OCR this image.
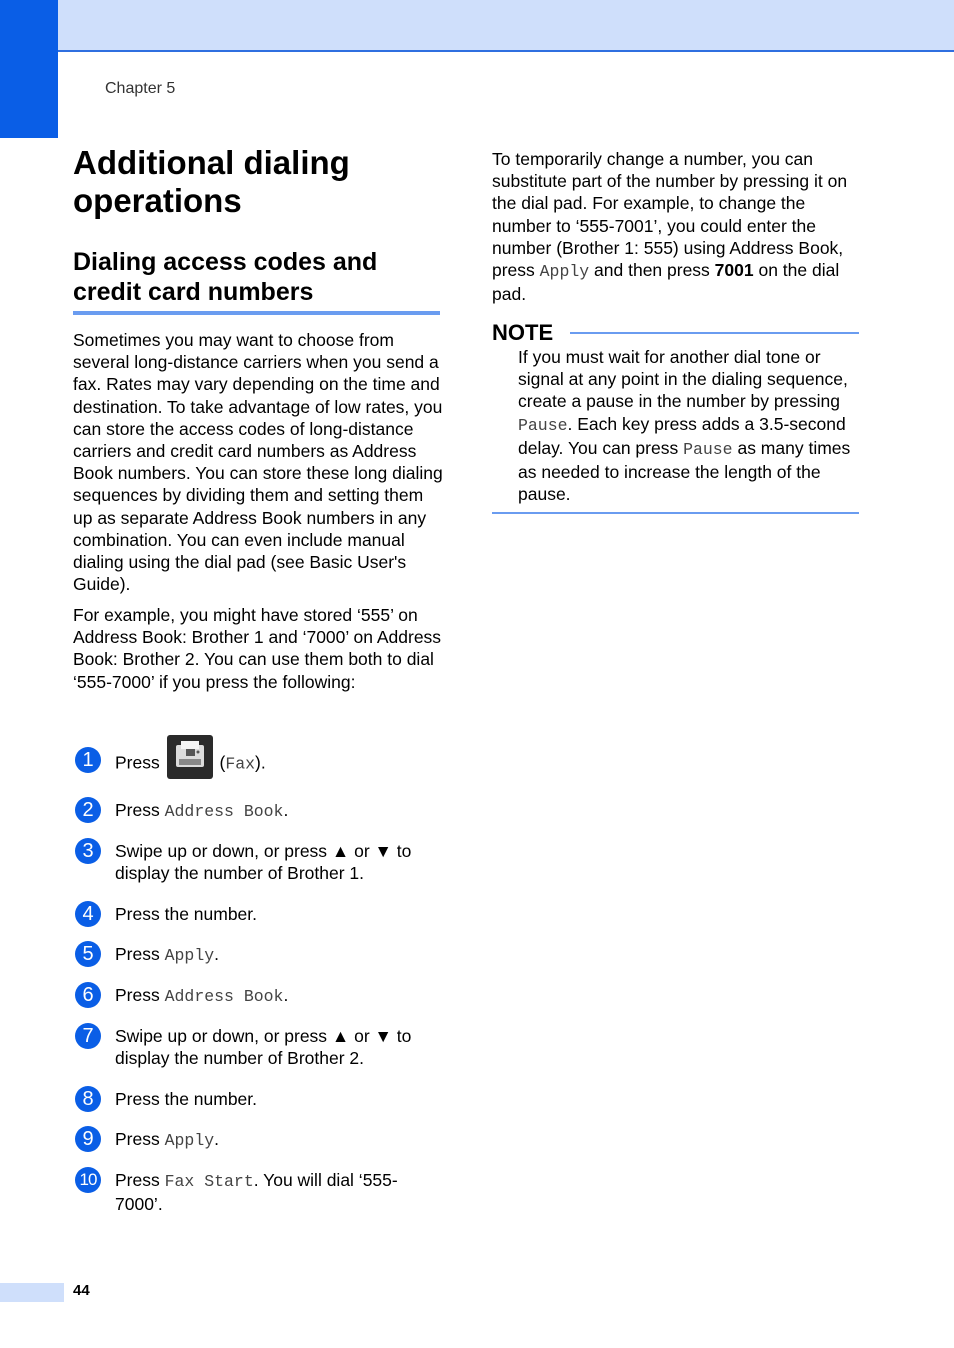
Chapter 5
Additional dialing operations
Dialing access codes and credit card numbers

Sometimes you may want to choose from several long-distance carriers when you send a fax. Rates may vary depending on the time and destination. To take advantage of low rates, you can store the access codes of long-distance carriers and credit card numbers as Address Book numbers. You can store these long dialing sequences by dividing them and setting them up as separate Address Book numbers in any combination. You can even include manual dialing using the dial pad (see Basic User's Guide).

For example, you might have stored ‘555’ on Address Book: Brother 1 and ‘7000’ on Address Book: Brother 2. You can use them both to dial ‘555-7000’ if you press the following:

1	Press	(Fax).
2	Press Address Book.
3	Swipe up or down, or press ▲ or ▼ to display the number of Brother 1.
4	Press the number.
5	Press Apply.
6	Press Address Book.
7	Swipe up or down, or press ▲ or ▼ to display the number of Brother 2.
8	Press the number.
9	Press Apply.
10 Press Fax Start. You will dial ‘555-7000’.

To temporarily change a number, you can substitute part of the number by pressing it on the dial pad. For example, to change the number to ‘555-7001’, you could enter the number (Brother 1: 555) using Address Book, press Apply and then press 7001 on the dial pad.

NOTE

If you must wait for another dial tone or signal at any point in the dialing sequence, create a pause in the number by pressing Pause. Each key press adds a 3.5-second delay. You can press Pause as many times as needed to increase the length of the pause.

44
